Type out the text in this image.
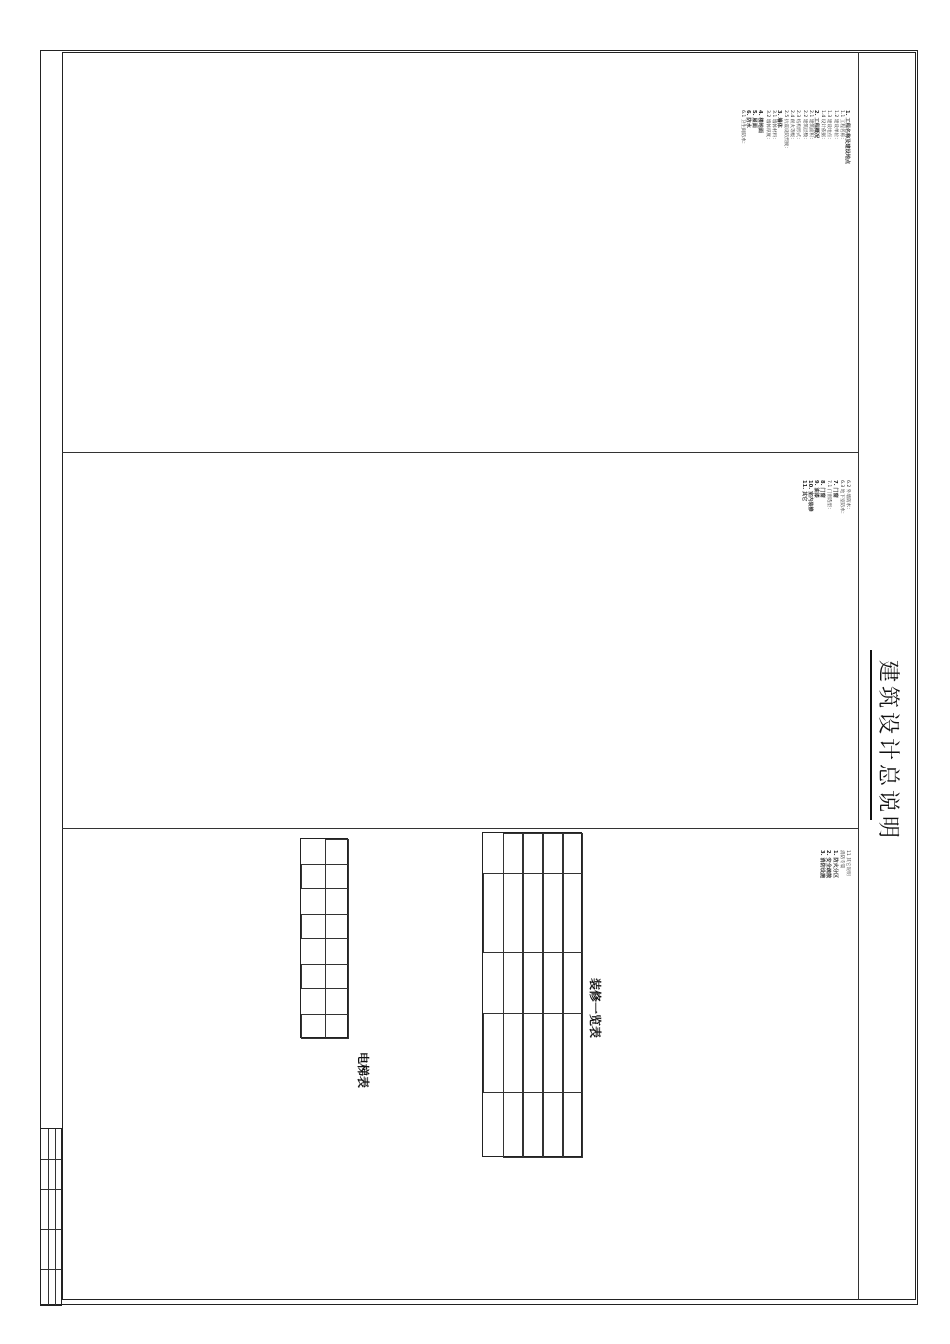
建筑设计总说明
1. 工程名称及建设地点
1.1 工程名称：
1.2 建设单位：
1.3 建设地点：
1.4 设计依据：
2. 工程概况
2.1 建筑面积：
2.2 建筑层数：
2.3 结构形式：
2.4 耐火等级：
2.5 抗震设防烈度：
3. 墙体
3.1 墙体材料：
3.2 墙体厚度：
4. 楼地面
5. 屋面
6. 防水
6.1 卫生间防水：
6.2 外墙防水：
6.3 地下室防水：
7. 门窗
7.1 门窗选型：
8. 门窗
9. 油漆
10. 室内装修
11. 其它
11 其它说明
消防专篇
1. 防火分区
2. 安全疏散
3. 消防设施
装修一览表
电梯表
